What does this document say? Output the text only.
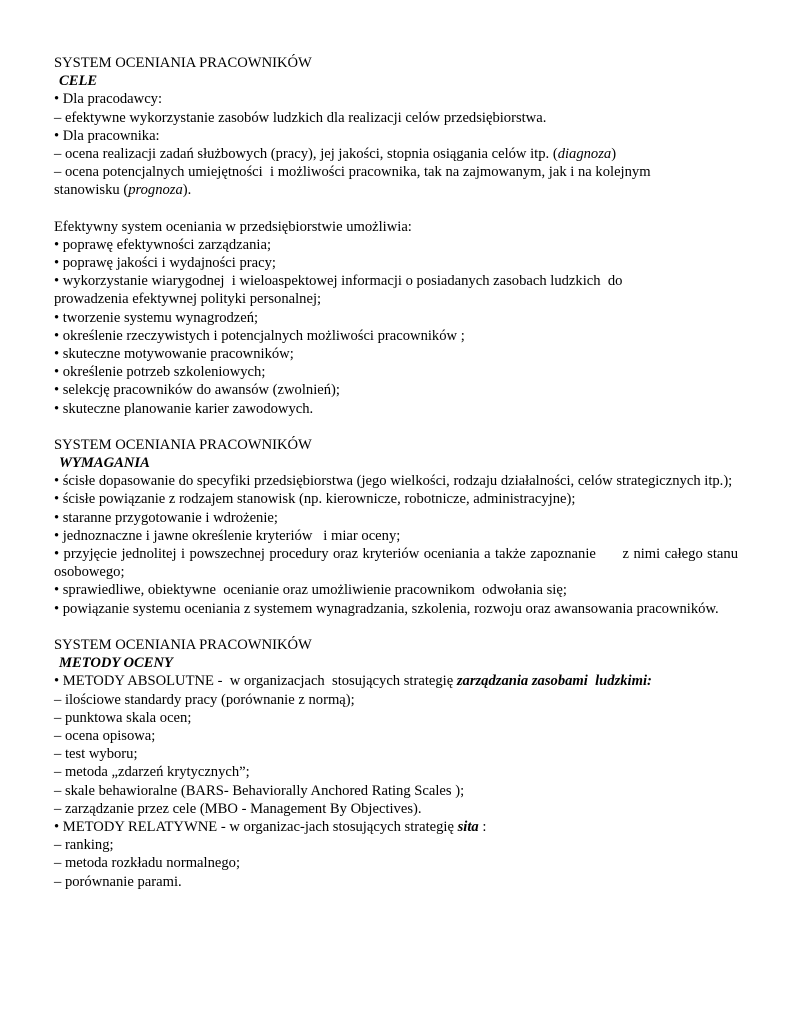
SYSTEM OCENIANIA PRACOWNIKÓW
CELE
• Dla pracodawcy:
– efektywne wykorzystanie zasobów ludzkich dla realizacji celów przedsiębiorstwa.
• Dla pracownika:
– ocena realizacji zadań służbowych (pracy), jej jakości, stopnia osiągania celów itp. (diagnoza)
– ocena potencjalnych umiejętności  i możliwości pracownika, tak na zajmowanym, jak i na kolejnym
stanowisku (prognoza).
Efektywny system oceniania w przedsiębiorstwie umożliwia:
• poprawę efektywności zarządzania;
• poprawę jakości i wydajności pracy;
• wykorzystanie wiarygodnej  i wieloaspektowej informacji o posiadanych zasobach ludzkich  do
prowadzenia efektywnej polityki personalnej;
• tworzenie systemu wynagrodzeń;
• określenie rzeczywistych i potencjalnych możliwości pracowników ;
• skuteczne motywowanie pracowników;
• określenie potrzeb szkoleniowych;
• selekcję pracowników do awansów (zwolnień);
• skuteczne planowanie karier zawodowych.
SYSTEM OCENIANIA PRACOWNIKÓW
WYMAGANIA
• ścisłe dopasowanie do specyfiki przedsiębiorstwa (jego wielkości, rodzaju działalności, celów strategicznych itp.);
• ścisłe powiązanie z rodzajem stanowisk (np. kierownicze, robotnicze, administracyjne);
• staranne przygotowanie i wdrożenie;
• jednoznaczne i jawne określenie kryteriów   i miar oceny;
• przyjęcie jednolitej i powszechnej procedury oraz kryteriów oceniania a także zapoznanie      z nimi całego stanu osobowego;
• sprawiedliwe, obiektywne  ocenianie oraz umożliwienie pracownikom  odwołania się;
• powiązanie systemu oceniania z systemem wynagradzania, szkolenia, rozwoju oraz awansowania pracowników.
SYSTEM OCENIANIA PRACOWNIKÓW
METODY OCENY
• METODY ABSOLUTNE -  w organizacjach  stosujących strategię zarządzania zasobami  ludzkimi:
– ilościowe standardy pracy (porównanie z normą);
– punktowa skala ocen;
– ocena opisowa;
– test wyboru;
– metoda „zdarzeń krytycznych”;
– skale behawioralne (BARS- Behaviorally Anchored Rating Scales );
– zarządzanie przez cele (MBO - Management By Objectives).
• METODY RELATYWNE - w organizac-jach stosujących strategię sita :
– ranking;
– metoda rozkładu normalnego;
– porównanie parami.
